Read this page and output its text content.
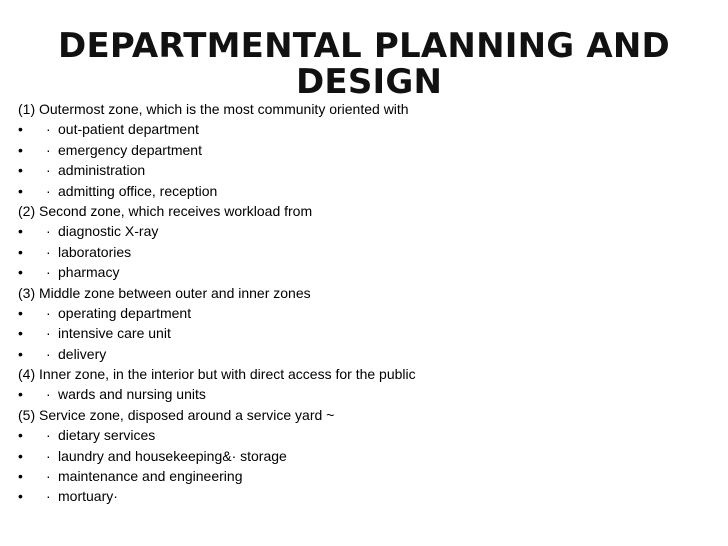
DEPARTMENTAL PLANNING AND
DESIGN
(1) Outermost zone, which is the most community oriented with
• · out-patient department
• · emergency department
• · administration
• · admitting office, reception
(2) Second zone, which receives workload from
• · diagnostic X-ray
• · laboratories
• · pharmacy
(3) Middle zone between outer and inner zones
• · operating department
• · intensive care unit
• · delivery
(4) Inner zone, in the interior but with direct access for the public
• · wards and nursing units
(5) Service zone, disposed around a service yard ~
• · dietary services
• · laundry and housekeeping&· storage
• · maintenance and engineering
• · mortuary·
